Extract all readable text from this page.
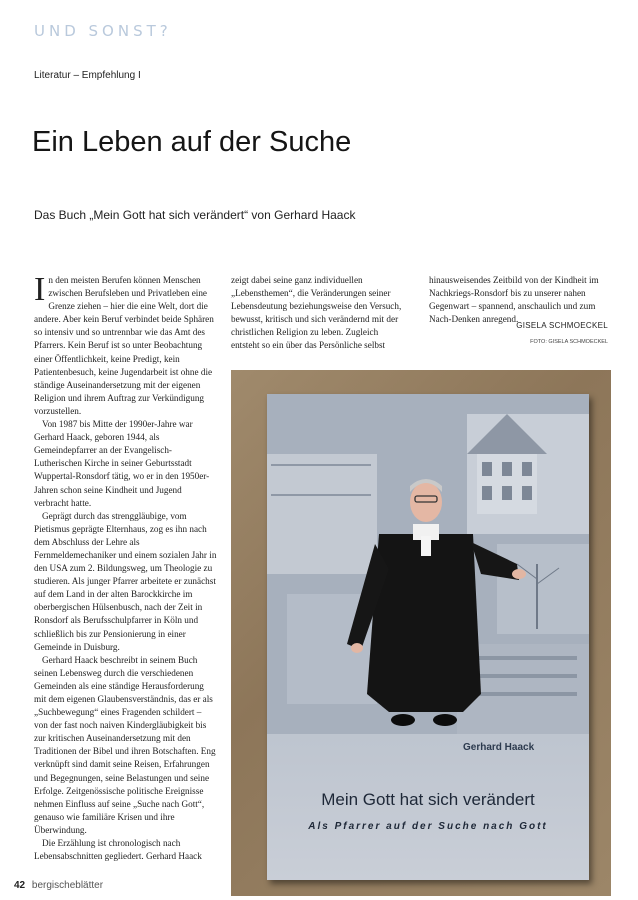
UND SONST?
Literatur – Empfehlung I
Ein Leben auf der Suche
Das Buch „Mein Gott hat sich verändert“ von Gerhard Haack

In den meisten Berufen können Menschen zwischen Berufsleben und Privatleben eine Grenze ziehen – hier die eine Welt, dort die andere. Aber kein Beruf verbindet beide Sphären so intensiv und so untrennbar wie das Amt des Pfarrers. Kein Beruf ist so unter Beobachtung einer Öffentlichkeit, keine Predigt, kein Patientenbesuch, keine Jugendarbeit ist ohne die ständige Auseinandersetzung mit der eigenen Religion und ihrem Auftrag zur Verkündigung vorzustellen.

Von 1987 bis Mitte der 1990er-Jahre war Gerhard Haack, geboren 1944, als Gemeindepfarrer an der Evangelisch-Lutherischen Kirche in seiner Geburtsstadt Wuppertal-Ronsdorf tätig, wo er in den 1950er-Jahren schon seine Kindheit und Jugend verbracht hatte.

Geprägt durch das strenggläubige, vom Pietismus geprägte Elternhaus, zog es ihn nach dem Abschluss der Lehre als Fernmeldemechaniker und einem sozialen Jahr in den USA zum 2. Bildungsweg, um Theologie zu studieren. Als junger Pfarrer arbeitete er zunächst auf dem Land in der alten Barockkirche im oberbergischen Hülsenbusch, nach der Zeit in Ronsdorf als Berufsschulpfarrer in Köln und schließlich bis zur Pensionierung in einer Gemeinde in Duisburg.

Gerhard Haack beschreibt in seinem Buch seinen Lebensweg durch die verschiedenen Gemeinden als eine ständige Herausforderung mit dem eigenen Glaubensverständnis, das er als „Suchbewegung“ eines Fragenden schildert – von der fast noch naiven Kindergläubigkeit bis zur kritischen Auseinandersetzung mit den Traditionen der Bibel und ihren Botschaften. Eng verknüpft sind damit seine Reisen, Erfahrungen und Begegnungen, seine Belastungen und seine Erfolge. Zeitgenössische politische Ereignisse nehmen Einfluss auf seine „Suche nach Gott“, genauso wie familiäre Krisen und ihre Überwindung.

Die Erzählung ist chronologisch nach Lebensabschnitten gegliedert. Gerhard Haack

zeigt dabei seine ganz individuellen „Lebensthemen“, die Veränderungen seiner Lebensdeutung beziehungsweise den Versuch, bewusst, kritisch und sich verändernd mit der christlichen Religion zu leben. Zugleich entsteht so ein über das Persönliche selbst

hinausweisendes Zeitbild von der Kindheit im Nachkriegs-Ronsdorf bis zu unserer nahen Gegenwart – spannend, anschaulich und zum Nach-Denken anregend.

GISELA SCHMOECKEL
FOTO: GISELA SCHMOECKEL
Gerhard Haack
Mein Gott hat sich verändert
Als Pfarrer auf der Suche nach Gott
42 bergischeblätter
